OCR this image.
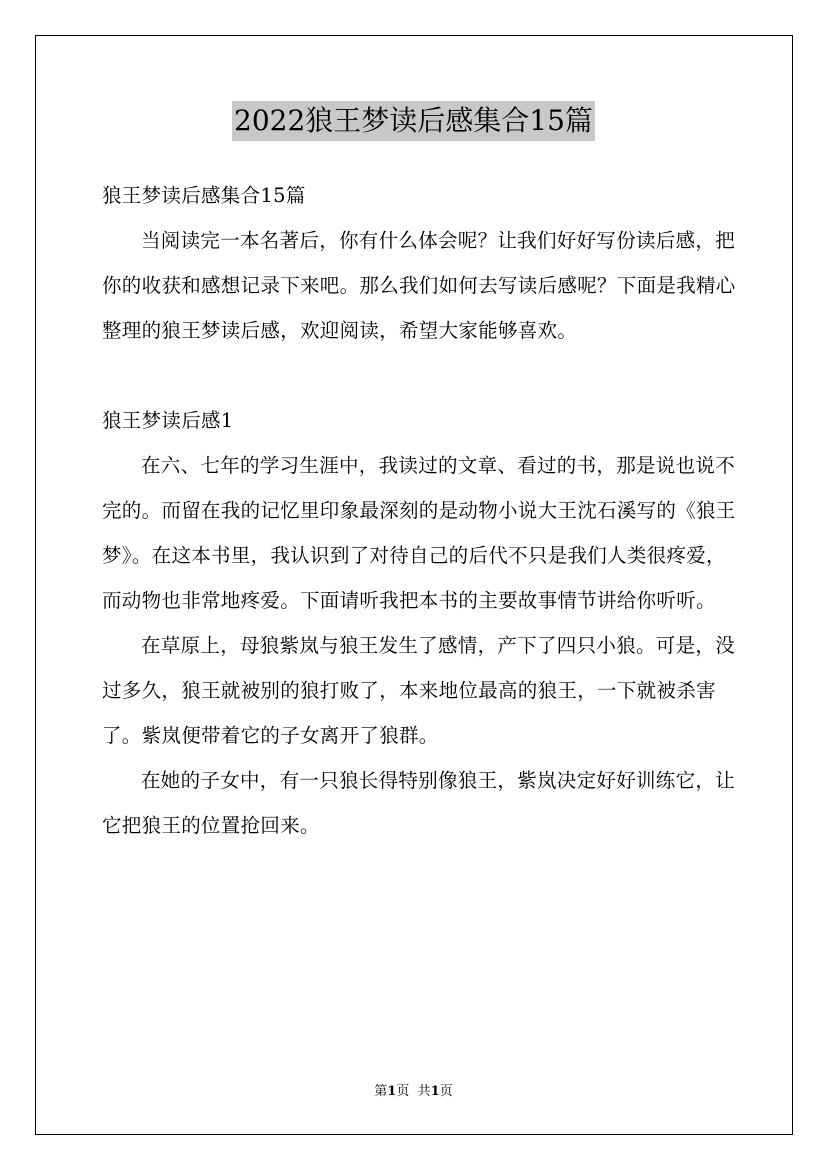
2022狼王梦读后感集合15篇

狼王梦读后感集合15篇

当阅读完一本名著后，你有什么体会呢？让我们好好写份读后感，把你的收获和感想记录下来吧。那么我们如何去写读后感呢？下面是我精心整理的狼王梦读后感，欢迎阅读，希望大家能够喜欢。

狼王梦读后感1

在六、七年的学习生涯中，我读过的文章、看过的书，那是说也说不完的。而留在我的记忆里印象最深刻的是动物小说大王沈石溪写的《狼王梦》。在这本书里，我认识到了对待自己的后代不只是我们人类很疼爱，而动物也非常地疼爱。下面请听我把本书的主要故事情节讲给你听听。

在草原上，母狼紫岚与狼王发生了感情，产下了四只小狼。可是，没过多久，狼王就被别的狼打败了，本来地位最高的狼王，一下就被杀害了。紫岚便带着它的子女离开了狼群。

在她的子女中，有一只狼长得特别像狼王，紫岚决定好好训练它，让它把狼王的位置抢回来。

第1页 共1页
